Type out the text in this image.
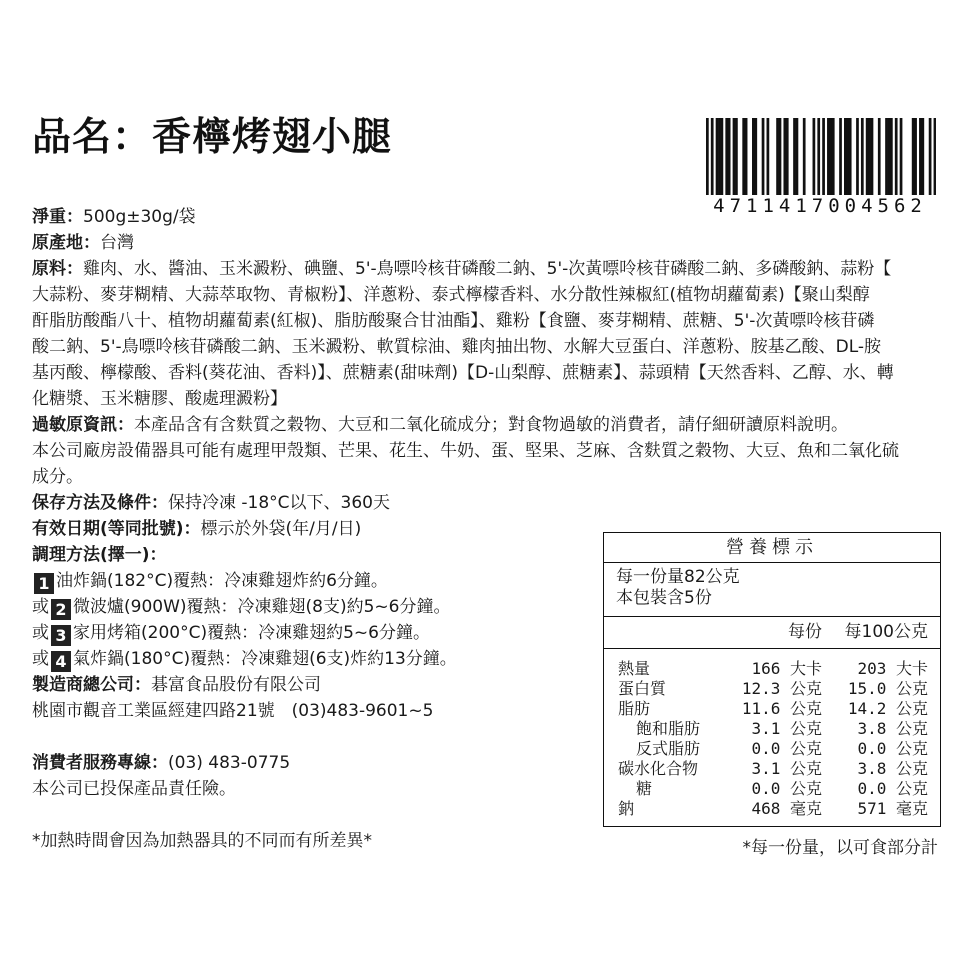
品名：香檸烤翅小腿
4711417004562
淨重：500g±30g/袋
原產地：台灣
原料：雞肉、水、醬油、玉米澱粉、碘鹽、5'-鳥嘌呤核苷磷酸二鈉、5'-次黃嘌呤核苷磷酸二鈉、多磷酸鈉、蒜粉【
大蒜粉、麥芽糊精、大蒜萃取物、青椒粉】、洋蔥粉、泰式檸檬香料、水分散性辣椒紅(植物胡蘿蔔素)【聚山梨醇
酐脂肪酸酯八十、植物胡蘿蔔素(紅椒)、脂肪酸聚合甘油酯】、雞粉【食鹽、麥芽糊精、蔗糖、5'-次黃嘌呤核苷磷
酸二鈉、5'-鳥嘌呤核苷磷酸二鈉、玉米澱粉、軟質棕油、雞肉抽出物、水解大豆蛋白、洋蔥粉、胺基乙酸、DL-胺
基丙酸、檸檬酸、香料(葵花油、香料)】、蔗糖素(甜味劑)【D-山梨醇、蔗糖素】、蒜頭精【天然香料、乙醇、水、轉
化糖漿、玉米糖膠、酸處理澱粉】
過敏原資訊：本產品含有含麩質之穀物、大豆和二氧化硫成分；對食物過敏的消費者，請仔細研讀原料說明。
本公司廠房設備器具可能有處理甲殼類、芒果、花生、牛奶、蛋、堅果、芝麻、含麩質之穀物、大豆、魚和二氧化硫
成分。
保存方法及條件：保持冷凍 -18°C以下、360天
有效日期(等同批號)：標示於外袋(年/月/日)
調理方法(擇一)：
1 油炸鍋(182°C)覆熱：冷凍雞翅炸約6分鐘。
或 2 微波爐(900W)覆熱：冷凍雞翅(8支)約5~6分鐘。
或 3 家用烤箱(200°C)覆熱：冷凍雞翅約5~6分鐘。
或 4 氣炸鍋(180°C)覆熱：冷凍雞翅(6支)炸約13分鐘。
製造商總公司：碁富食品股份有限公司
桃園市觀音工業區經建四路21號　(03)483-9601~5
消費者服務專線：(03) 483-0775
本公司已投保產品責任險。
*加熱時間會因為加熱器具的不同而有所差異*
營養標示
每一份量82公克
本包裝含5份
每份 每100公克
熱量	166 大卡 203 大卡
蛋白質	12.3 公克 15.0 公克
脂肪	11.6 公克 14.2 公克
飽和脂肪	3.1 公克 3.8 公克
反式脂肪	0.0 公克 0.0 公克
碳水化合物	3.1 公克 3.8 公克
糖	0.0 公克 0.0 公克
鈉	468 毫克 571 毫克
*每一份量，以可食部分計
